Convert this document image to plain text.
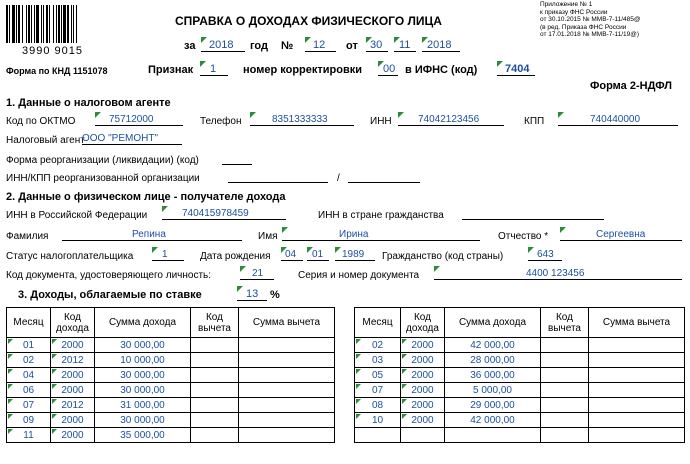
3990 9015
Форма по КНД 1151078
СПРАВКА О ДОХОДАХ ФИЗИЧЕСКОГО ЛИЦА
Приложение № 1
к приказу ФНС России
от 30.10.2015 № ММВ-7-11/485@
(в ред. Приказа ФНС России
от 17.01.2018 № ММВ-7-11/19@)
за 2018 год № 12 от 30 11 2018
Признак 1 номер корректировки 00 в ИФНС (код)	7404
Форма 2-НДФЛ
1. Данные о налоговом агенте
Код по ОКТМО	75712000	Телефон	8351333333	ИНН	74042123456	КПП	740440000
Налоговый агент
ООО "РЕМОНТ"
Форма реорганизации (ликвидации) (код)
ИНН/КПП реорганизованной организации	/
2. Данные о физическом лице - получателе дохода
ИНН в Российской Федерации	740415978459	ИНН в стране гражданства
Фамилия	Репина	Имя	Ирина	Отчество *	Сергеевна
Статус налогоплательщика	1	Дата рождения 04 01 1989 Гражданство (код страны)	643
Код документа, удостоверяющего личность:	21	Серия и номер документа	4400 123456
3. Доходы, облагаемые по ставке	13 %
Месяц	Код дохода	Сумма дохода	Код вычета	Сумма вычета

01	2000	30 000,00		

02	2012	10 000,00		

04	2000	30 000,00		

06	2000	30 000,00		

07	2012	31 000,00		

09	2000	30 000,00		

11	2000	35 000,00		
Месяц	Код дохода	Сумма дохода	Код вычета	Сумма вычета

02	2000	42 000,00		

03	2000	28 000,00		

05	2000	36 000,00		

07	2000	5 000,00		

08	2000	29 000,00		

10	2000	42 000,00		
